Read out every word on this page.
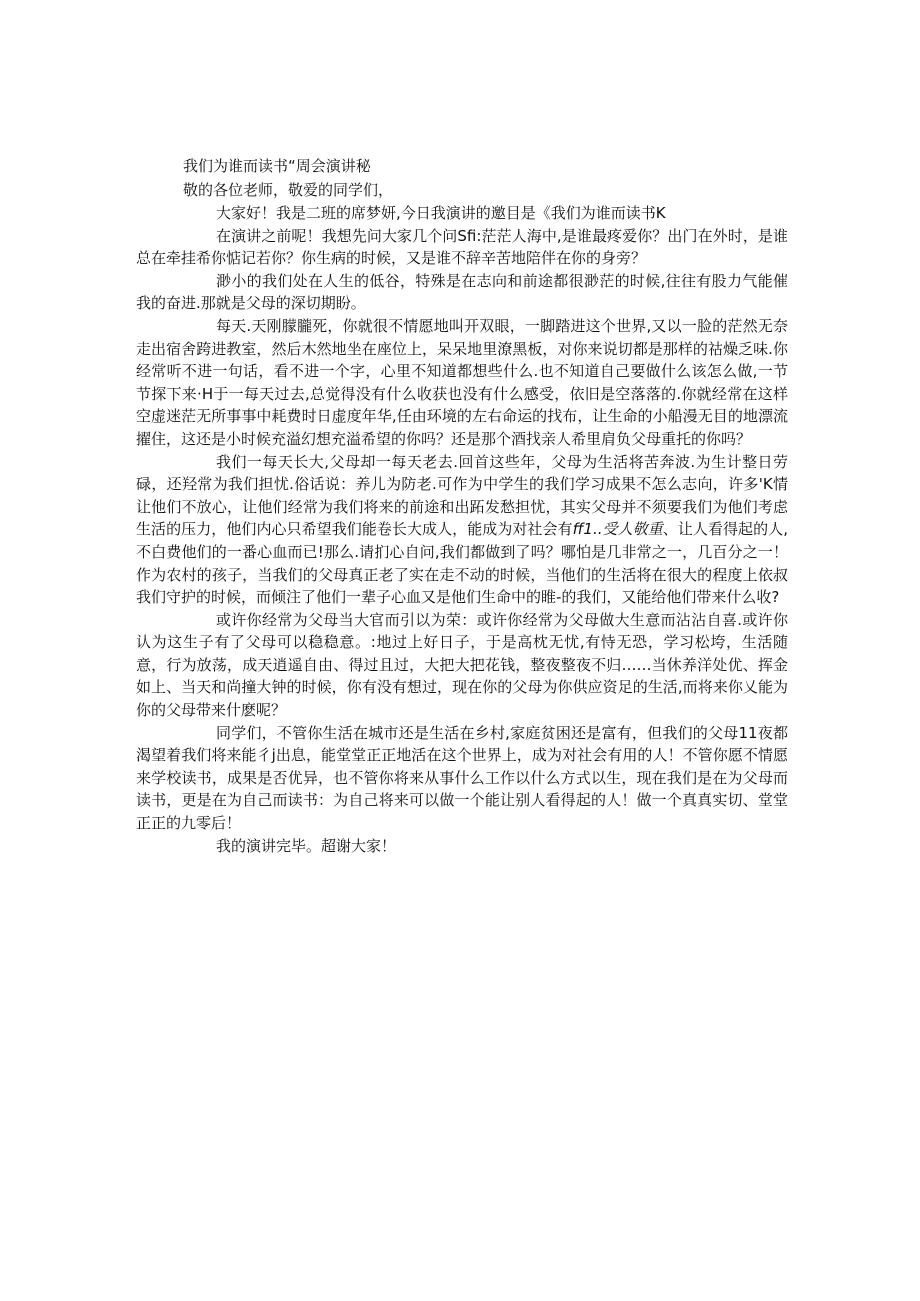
我们为谁而读书“周会演讲秘

敬的各位老师，敬爱的同学们，

大家好！我是二班的席梦妍,今日我演讲的邀目是《我们为谁而读书K

在演讲之前呢！我想先问大家几个问Sfi:茫茫人海中,是谁最疼爱你？出门在外时，是谁总在牵挂希你惦记若你？你生病的时候，又是谁不辞辛苦地陪伴在你的身旁？

渺小的我们处在人生的低谷，特殊是在志向和前途都很渺茫的时候,往往有股力气能催我的奋进.那就是父母的深切期盼。

每天.天刚朦朧死，你就很不情愿地叫开双眼，一脚踏进这个世界,又以一脸的茫然无奈走出宿舍跨进教室，然后木然地坐在座位上，呆呆地里潦黑板，对你来说切都是那样的祜燥乏味.你经常听不进一句话，看不进一个字，心里不知道都想些什么.也不知道自己要做什么该怎么做,一节节探下来·H于一每天过去,总觉得没有什么收获也没有什么感受，依旧是空落落的.你就经常在这样空虚迷茫无所事事中耗费时日虚度年华,任由环境的左右命运的找布，让生命的小船漫无目的地漂流擢住，这还是小时候充溢幻想充溢希望的你吗？还是那个酒找亲人希里肩负父母重托的你吗？

我们一每天长大,父母却一每天老去.回首这些年，父母为生活将苦奔波.为生计整日劳碌，还羟常为我们担忧.俗话说：养儿为防老.可作为中学生的我们学习成果不怎么志向，许多'K情让他们不放心，让他们经常为我们将来的前途和出跖发愁担忧，其实父母并不须要我们为他们考虑生活的压力，他们内心只希望我们能卷长大成人，能成为对社会有ff1..受人敬重、让人看得起的人,不白费他们的一番心血而已!那么.请扪心自问,我们都做到了吗？哪怕是几非常之一，几百分之一！作为农村的孩子，当我们的父母真正老了实在走不动的时候，当他们的生活将在很大的程度上依叔我们守护的时候，而倾注了他们一辈子心血又是他们生命中的睢-的我们，又能给他们带来什么收?

或许你经常为父母当大官而引以为荣：或许你经常为父母做大生意而沾沾自喜.或许你认为这生子有了父母可以稳稳意。:地过上好日子，于是高枕无忧,有恃无恐，学习松垮，生活随意，行为放荡，成天逍遥自由、得过且过，大把大把花钱，整夜整夜不归……当休养洋处优、挥金如上、当天和尚撞大钟的时候，你有没有想过，现在你的父母为你供应资足的生活,而将来你乂能为你的父母带来什麽呢？

同学们，不管你生活在城市还是生活在乡村,家庭贫困还是富有，但我们的父母11夜都渴望着我们将来能彳j出息，能堂堂正正地活在这个世界上，成为对社会有用的人！不管你愿不情愿来学校读书，成果是否优异，也不管你将来从事什么工作以什么方式以生，现在我们是在为父母而读书，更是在为自己而读书：为自己将来可以做一个能让别人看得起的人！做一个真真实切、堂堂正正的九零后！

我的演讲完毕。超谢大家！
